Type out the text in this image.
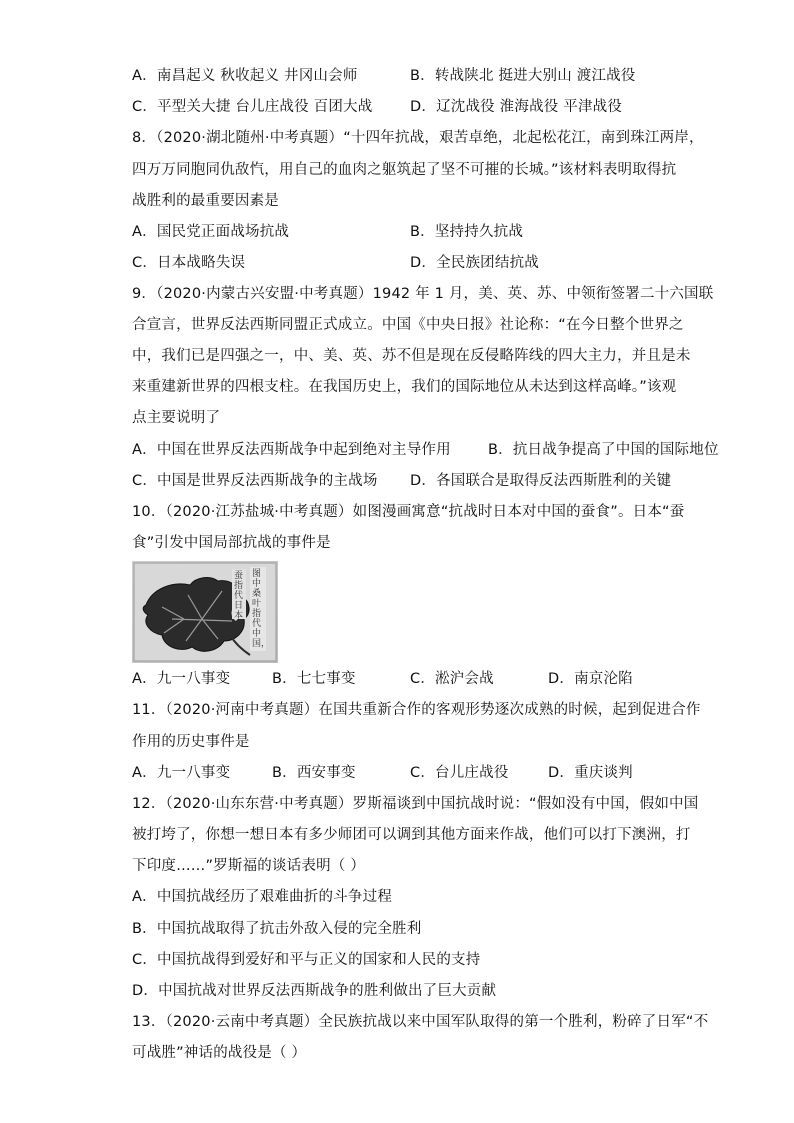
A．南昌起义 秋收起义 井冈山会师	B．转战陕北 挺进大别山 渡江战役
C．平型关大捷 台儿庄战役 百团大战	D．辽沈战役 淮海战役 平津战役
8．（2020·湖北随州·中考真题）“十四年抗战，艰苦卓绝，北起松花江，南到珠江两岸，
四万万同胞同仇敌忾，用自己的血肉之躯筑起了坚不可摧的长城。”该材料表明取得抗
战胜利的最重要因素是
A．国民党正面战场抗战	B．坚持持久抗战
C．日本战略失误	D．全民族团结抗战
9．（2020·内蒙古兴安盟·中考真题）1942 年 1 月，美、英、苏、中领衔签署二十六国联
合宣言，世界反法西斯同盟正式成立。中国《中央日报》社论称：“在今日整个世界之
中，我们已是四强之一，中、美、英、苏不但是现在反侵略阵线的四大主力，并且是未
来重建新世界的四根支柱。在我国历史上，我们的国际地位从未达到这样高峰。”该观
点主要说明了
A．中国在世界反法西斯战争中起到绝对主导作用	B．抗日战争提高了中国的国际地位
C．中国是世界反法西斯战争的主战场 D．各国联合是取得反法西斯胜利的关键
10．（2020·江苏盐城·中考真题）如图漫画寓意“抗战时日本对中国的蚕食”。日本“蚕
食”引发中国局部抗战的事件是
图中桑叶指代中国，
蚕指代日本
A．九一八事变	B．七七事变	C．淞沪会战	D．南京沦陷
11．（2020·河南中考真题）在国共重新合作的客观形势逐次成熟的时候，起到促进合作
作用的历史事件是
A．九一八事变	B．西安事变	C．台儿庄战役	D．重庆谈判
12．（2020·山东东营·中考真题）罗斯福谈到中国抗战时说：“假如没有中国，假如中国
被打垮了，你想一想日本有多少师团可以调到其他方面来作战，他们可以打下澳洲，打
下印度……”罗斯福的谈话表明（ ）
A．中国抗战经历了艰难曲折的斗争过程
B．中国抗战取得了抗击外敌入侵的完全胜利
C．中国抗战得到爱好和平与正义的国家和人民的支持
D．中国抗战对世界反法西斯战争的胜利做出了巨大贡献
13．（2020·云南中考真题）全民族抗战以来中国军队取得的第一个胜利，粉碎了日军“不
可战胜”神话的战役是（ ）
